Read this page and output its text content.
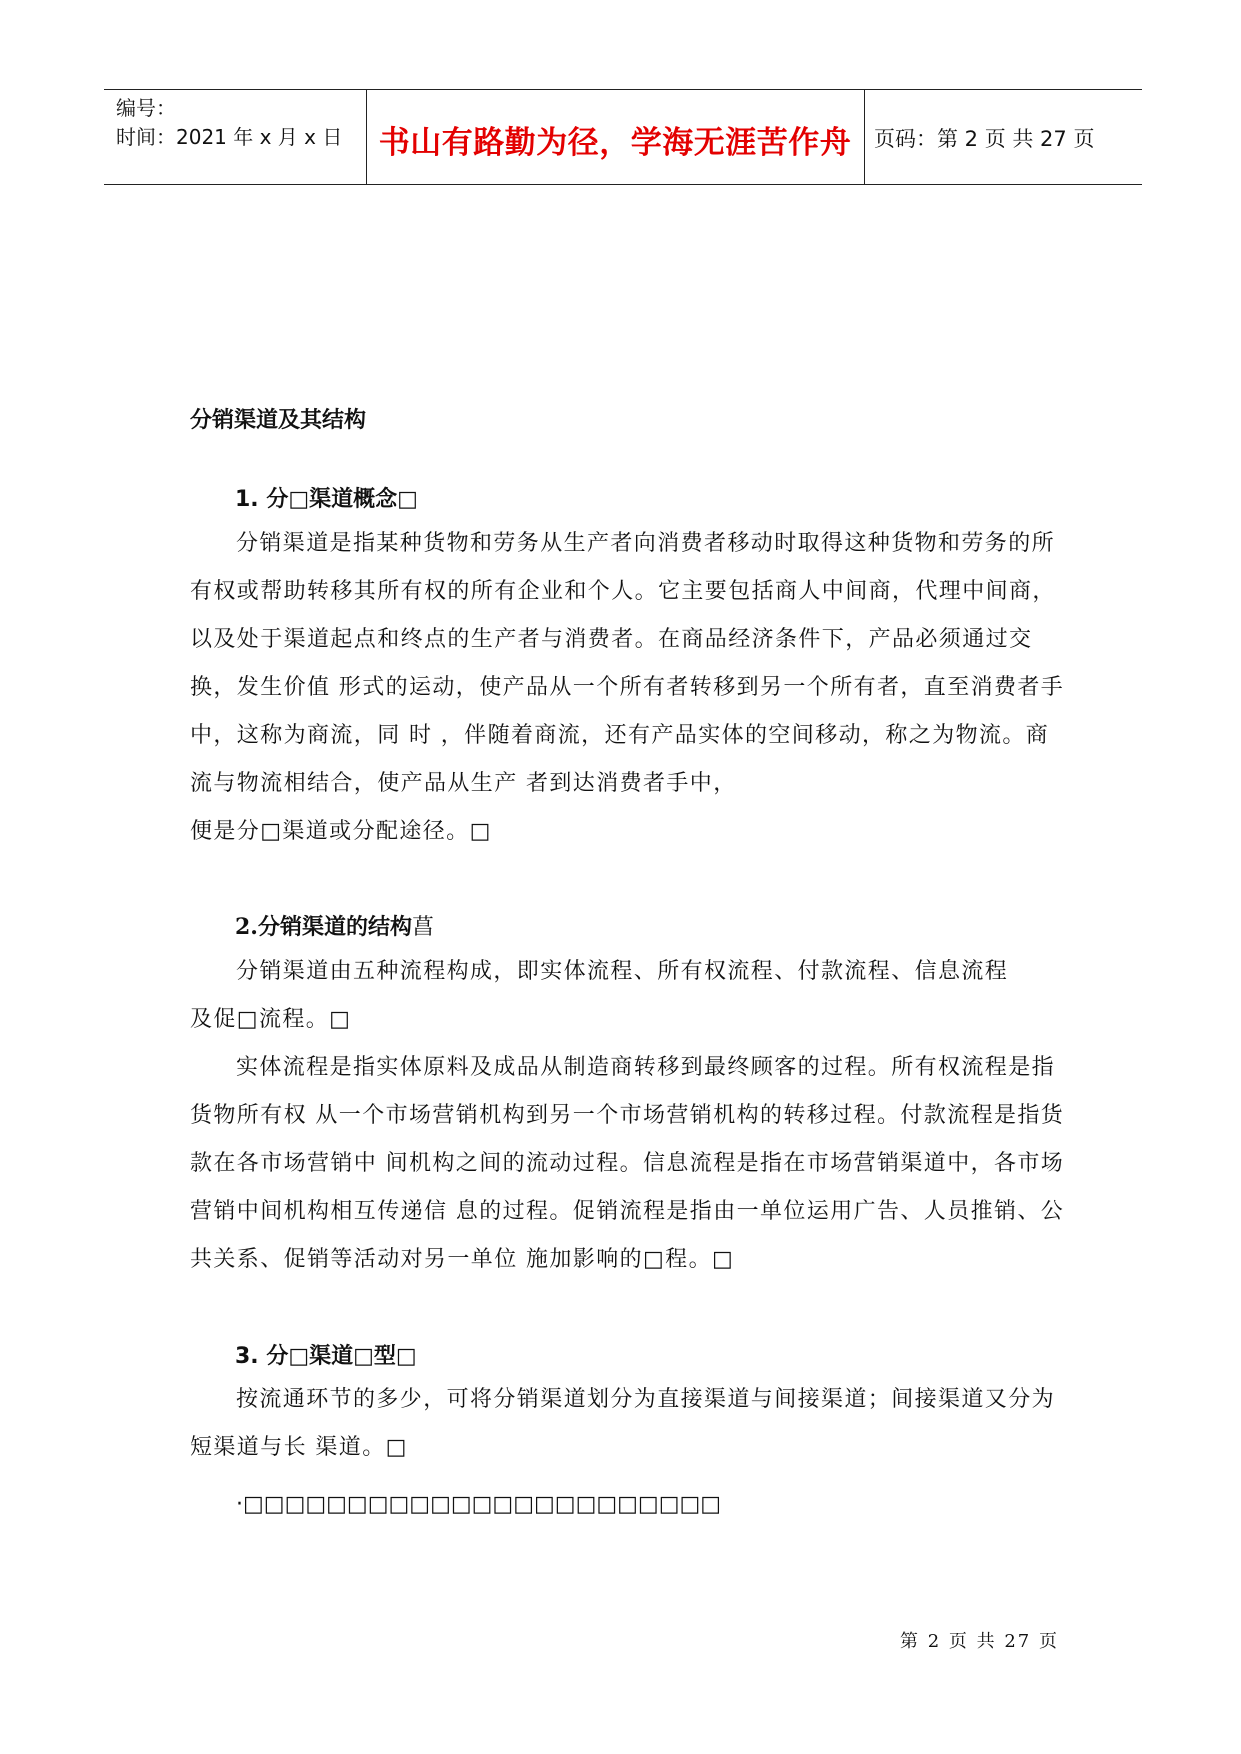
编号：
时间：2021 年 x 月 x 日	书山有路勤为径，学海无涯苦作舟	页码：第 2 页 共 27 页
分销渠道及其结构
1. 分□渠道概念□
分销渠道是指某种货物和劳务从生产者向消费者移动时取得这种货物和劳务的所有权或帮助转移其所有权的所有企业和个人。它主要包括商人中间商，代理中间商， 以及处于渠道起点和终点的生产者与消费者。在商品经济条件下，产品必须通过交换，发生价值 形式的运动，使产品从一个所有者转移到另一个所有者，直至消费者手中，这称为商流，同 时 ，伴随着商流，还有产品实体的空间移动，称之为物流。商流与物流相结合，使产品从生产 者到达消费者手中，
便是分□渠道或分配途径。□
2.分销渠道的结构菖
分销渠道由五种流程构成，即实体流程、所有权流程、付款流程、信息流程
及促□流程。□
实体流程是指实体原料及成品从制造商转移到最终顾客的过程。所有权流程是指货物所有权 从一个市场营销机构到另一个市场营销机构的转移过程。付款流程是指货款在各市场营销中 间机构之间的流动过程。信息流程是指在市场营销渠道中，各市场营销中间机构相互传递信 息的过程。促销流程是指由一单位运用广告、人员推销、公共关系、促销等活动对另一单位 施加影响的□程。□
3. 分□渠道□型□
按流通环节的多少，可将分销渠道划分为直接渠道与间接渠道；间接渠道又分为短渠道与长 渠道。□
·□□□□□□□□□□□□□□□□□□□□□□□
第 2 页 共 27 页
